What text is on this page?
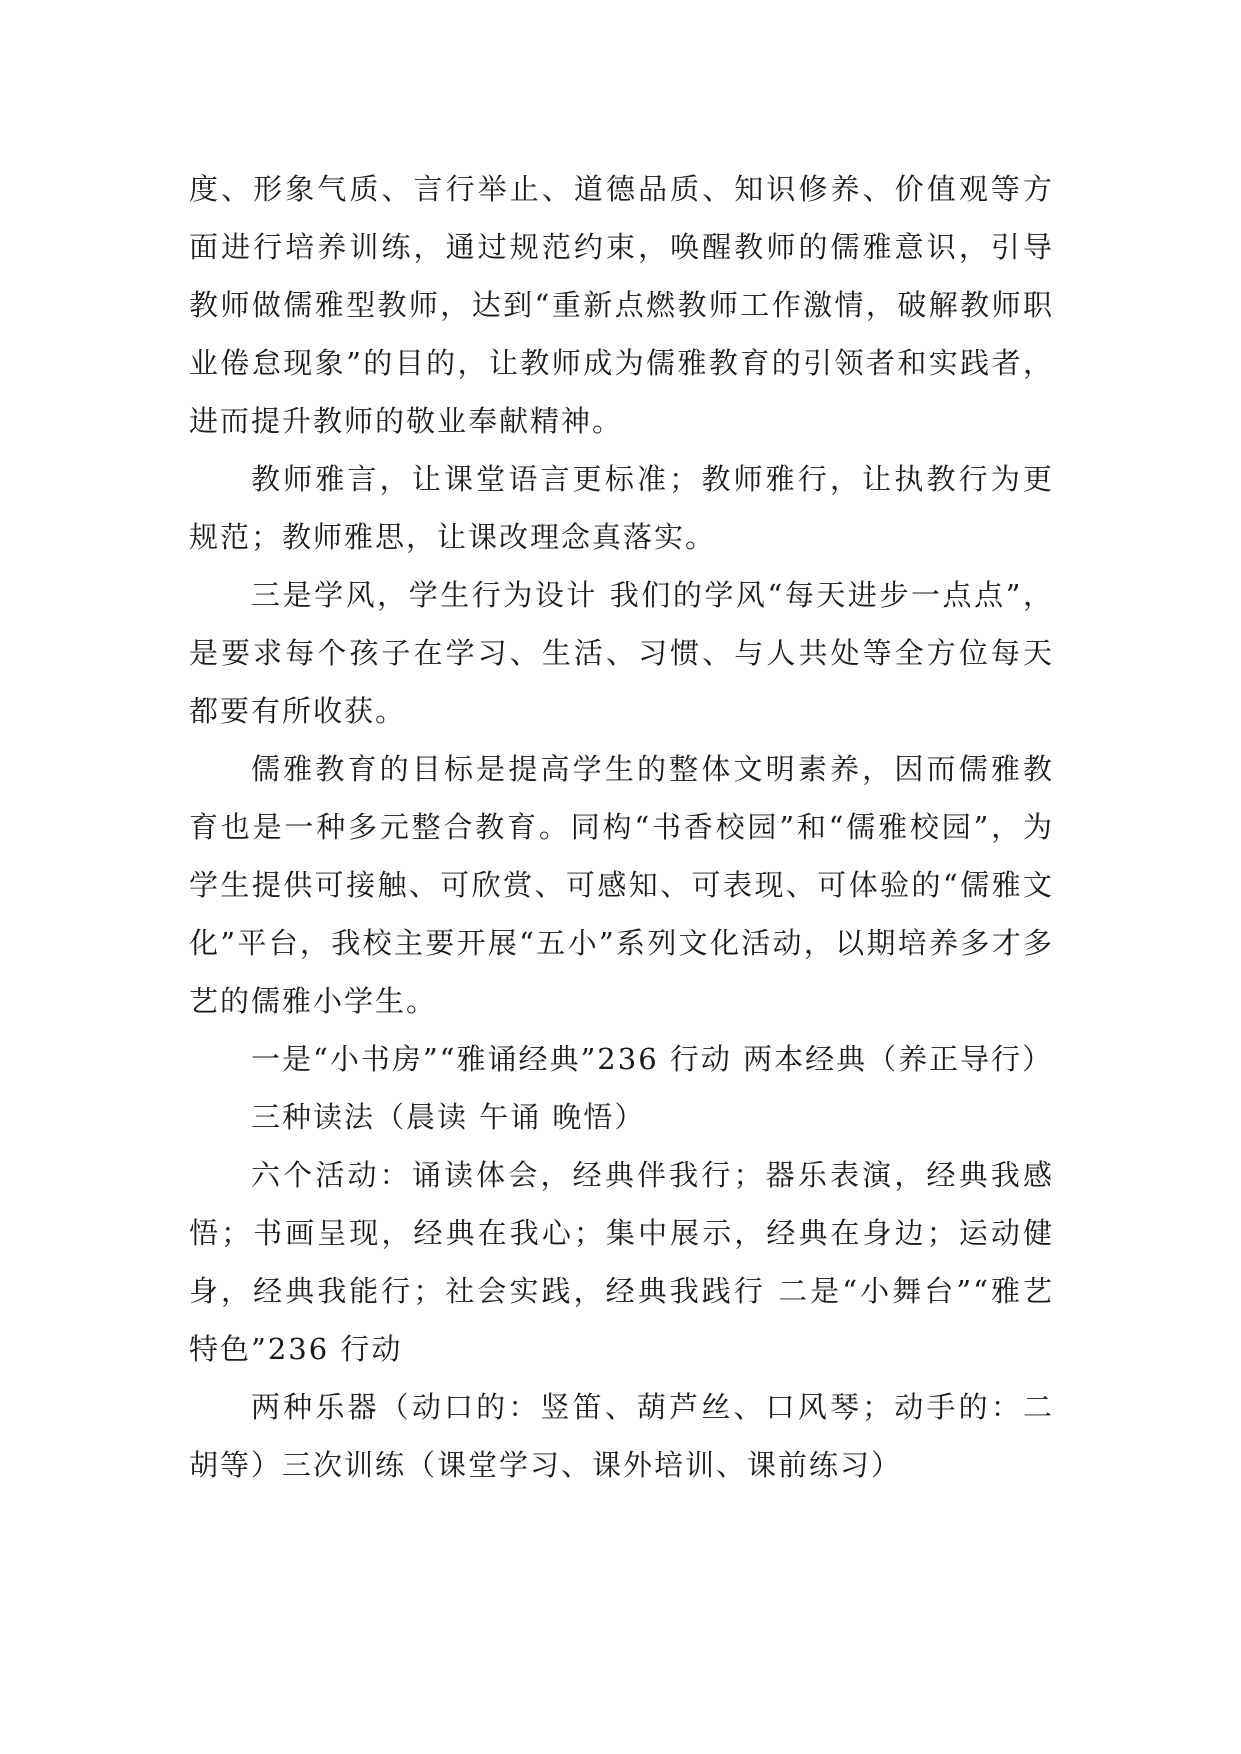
度、形象气质、言行举止、道德品质、知识修养、价值观等方面进行培养训练，通过规范约束，唤醒教师的儒雅意识，引导教师做儒雅型教师，达到“重新点燃教师工作激情，破解教师职业倦怠现象”的目的，让教师成为儒雅教育的引领者和实践者，进而提升教师的敬业奉献精神。

教师雅言，让课堂语言更标准；教师雅行，让执教行为更规范；教师雅思，让课改理念真落实。

三是学风，学生行为设计 我们的学风“每天进步一点点”，是要求每个孩子在学习、生活、习惯、与人共处等全方位每天都要有所收获。

儒雅教育的目标是提高学生的整体文明素养，因而儒雅教育也是一种多元整合教育。同构“书香校园”和“儒雅校园”，为学生提供可接触、可欣赏、可感知、可表现、可体验的“儒雅文化”平台，我校主要开展“五小”系列文化活动，以期培养多才多艺的儒雅小学生。

一是“小书房”“雅诵经典”236 行动 两本经典（养正导行）

三种读法（晨读 午诵 晚悟）

六个活动：诵读体会，经典伴我行；器乐表演，经典我感悟；书画呈现，经典在我心；集中展示，经典在身边；运动健身，经典我能行；社会实践，经典我践行 二是“小舞台”“雅艺特色”236 行动

两种乐器（动口的：竖笛、葫芦丝、口风琴；动手的：二胡等）三次训练（课堂学习、课外培训、课前练习）
